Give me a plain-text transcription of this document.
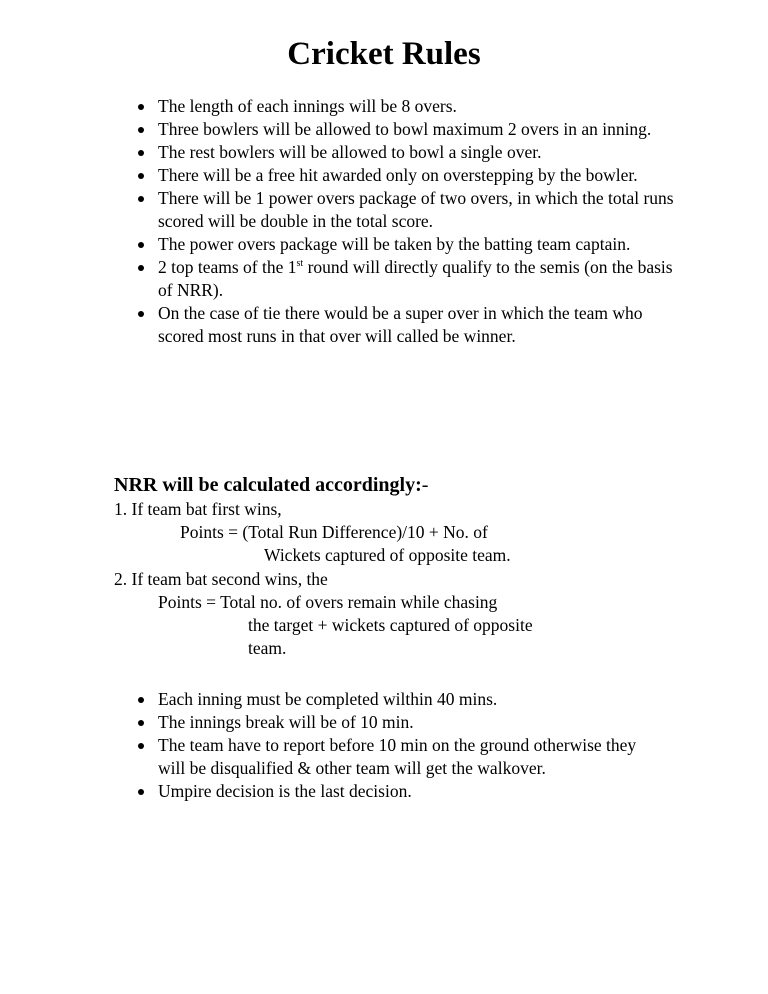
Cricket Rules
The length of each innings will be 8 overs.
Three bowlers will be allowed to bowl maximum 2 overs in an inning.
The rest bowlers will be allowed to bowl a single over.
There will be a free hit awarded only on overstepping by the bowler.
There will be 1 power overs package of two overs, in which the total runs scored will be double in the total score.
The power overs package will be taken by the batting team captain.
2 top teams of the 1st round will directly qualify to the semis (on the basis of NRR).
On the case of tie there would be a super over in which the team who scored most runs in that over will called be winner.
NRR will be calculated accordingly:-
1. If team bat first wins,
Points = (Total Run Difference)/10 + No. of
Wickets captured of opposite team.
2. If team bat second wins, the
Points = Total no. of overs remain while chasing
the target + wickets captured of opposite
team.
Each inning must be completed wilthin 40 mins.
The innings break will be of 10 min.
The team have to report before 10 min on the ground otherwise they will be disqualified & other team will get the walkover.
Umpire decision is the last decision.
